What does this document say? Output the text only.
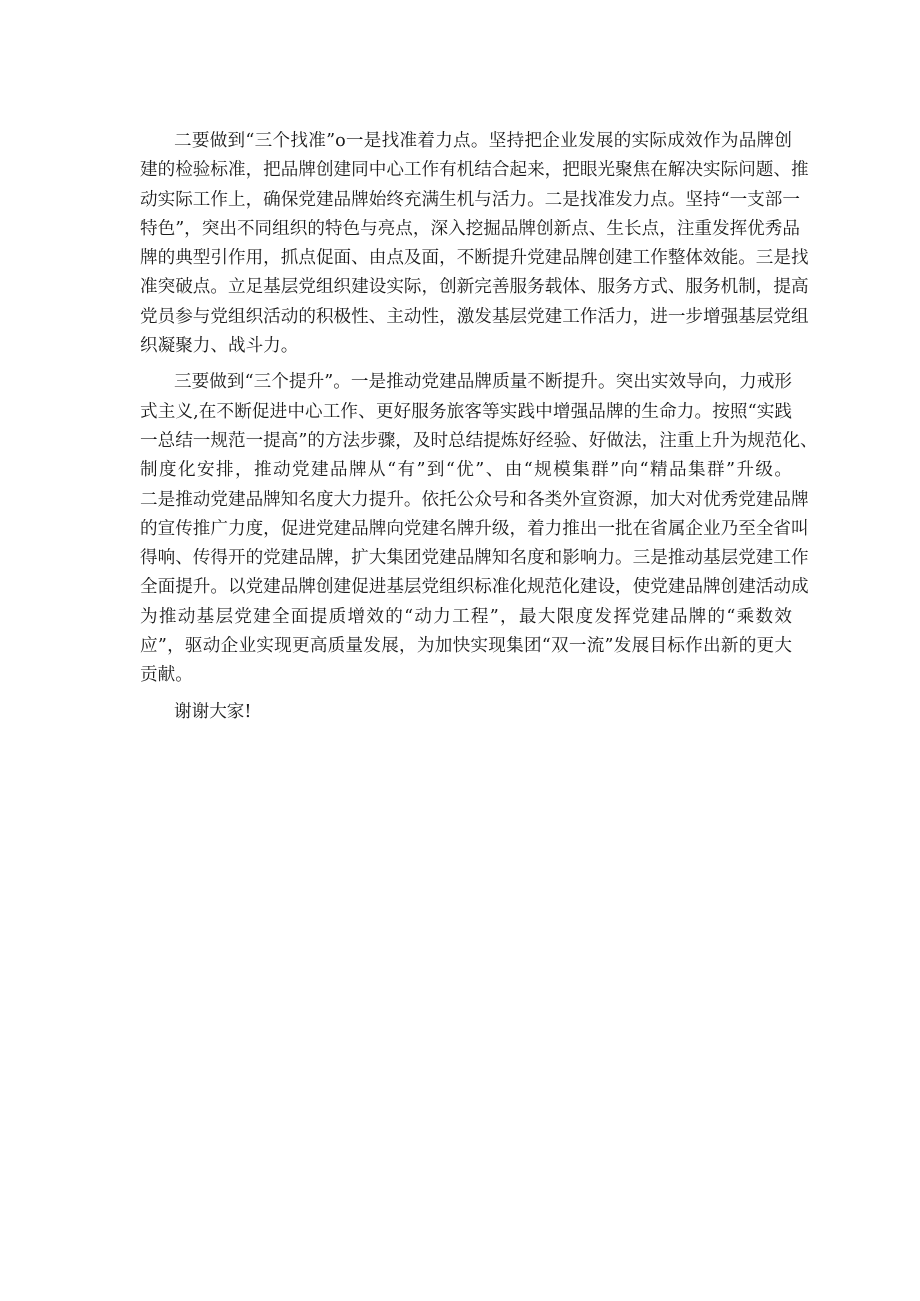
二要做到“三个找准”o一是找准着力点。坚持把企业发展的实际成效作为品牌创
建的检验标准，把品牌创建同中心工作有机结合起来，把眼光聚焦在解决实际问题、推
动实际工作上，确保党建品牌始终充满生机与活力。二是找准发力点。坚持“一支部一
特色”，突出不同组织的特色与亮点，深入挖掘品牌创新点、生长点，注重发挥优秀品
牌的典型引作用，抓点促面、由点及面，不断提升党建品牌创建工作整体效能。三是找
准突破点。立足基层党组织建设实际，创新完善服务载体、服务方式、服务机制，提高
党员参与党组织活动的积极性、主动性，激发基层党建工作活力，进一步增强基层党组
织凝聚力、战斗力。
三要做到“三个提升”。一是推动党建品牌质量不断提升。突出实效导向，力戒形
式主义,在不断促进中心工作、更好服务旅客等实践中增强品牌的生命力。按照“实践
一总结一规范一提高”的方法步骤，及时总结提炼好经验、好做法，注重上升为规范化、
制度化安排，推动党建品牌从“有”到“优”、由“规模集群”向“精品集群”升级。
二是推动党建品牌知名度大力提升。依托公众号和各类外宣资源，加大对优秀党建品牌
的宣传推广力度，促进党建品牌向党建名牌升级，着力推出一批在省属企业乃至全省叫
得响、传得开的党建品牌，扩大集团党建品牌知名度和影响力。三是推动基层党建工作
全面提升。以党建品牌创建促进基层党组织标准化规范化建设，使党建品牌创建活动成
为推动基层党建全面提质增效的“动力工程”，最大限度发挥党建品牌的“乘数效
应”，驱动企业实现更高质量发展，为加快实现集团“双一流”发展目标作出新的更大
贡献。
谢谢大家!
